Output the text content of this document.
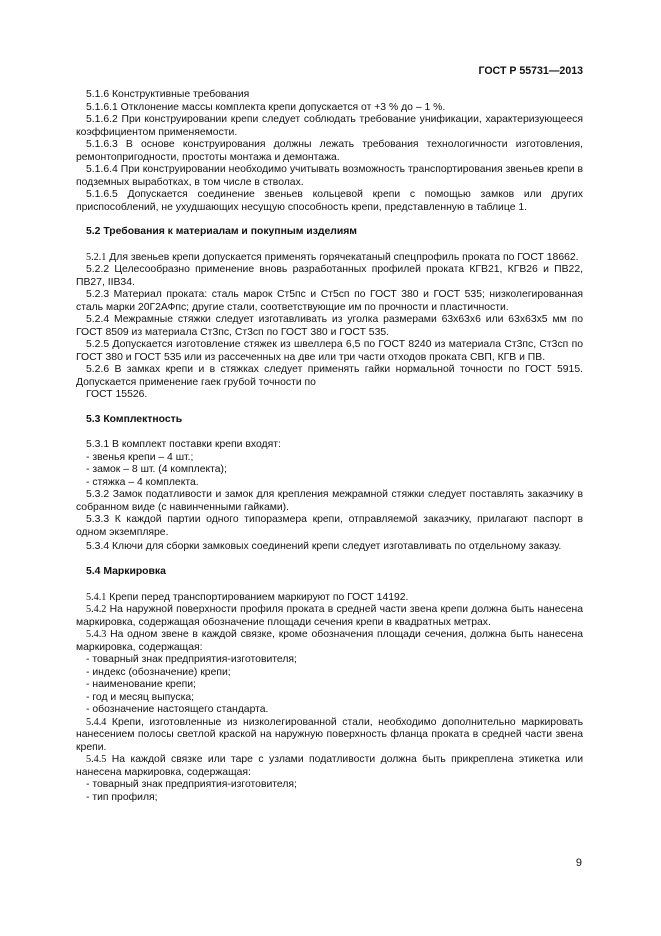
ГОСТ Р 55731—2013

5.1.6 Конструктивные требования

5.1.6.1 Отклонение массы комплекта крепи допускается от +3 % до – 1 %.

5.1.6.2 При конструировании крепи следует соблюдать требование унификации, характеризующееся коэффициентом применяемости.

5.1.6.3 В основе конструирования должны лежать требования технологичности изготовления, ремонтопригодности, простоты монтажа и демонтажа.

5.1.6.4 При конструировании необходимо учитывать возможность транспортирования звеньев крепи в подземных выработках, в том числе в стволах.

5.1.6.5 Допускается соединение звеньев кольцевой крепи с помощью замков или других приспособлений, не ухудшающих несущую способность крепи, представленную в таблице 1.

5.2 Требования к материалам и покупным изделиям

5.2.1 Для звеньев крепи допускается применять горячекатаный спецпрофиль проката по ГОСТ 18662.

5.2.2 Целесообразно применение вновь разработанных профилей проката КГВ21, КГВ26 и ПВ22, ПВ27, IIВ34.

5.2.3 Материал проката: сталь марок Ст5пс и Ст5сп по ГОСТ 380 и ГОСТ 535; низколегированная сталь марки 20Г2АФпс; другие стали, соответствующие им по прочности и пластичности.

5.2.4 Межрамные стяжки следует изготавливать из уголка размерами 63x63x6 или 63x63x5 мм по ГОСТ 8509 из материала Ст3пс, Ст3сп по ГОСТ 380 и ГОСТ 535.

5.2.5 Допускается изготовление стяжек из швеллера 6,5 по ГОСТ 8240 из материала Ст3пс, Ст3сп по ГОСТ 380 и ГОСТ 535 или из рассеченных на две или три части отходов проката СВП, КГВ и ПВ.

5.2.6 В замках крепи и в стяжках следует применять гайки нормальной точности по ГОСТ 5915. Допускается применение гаек грубой точности по

ГОСТ 15526.

5.3 Комплектность

5.3.1 В комплект поставки крепи входят:

- звенья крепи – 4 шт.;

- замок – 8 шт. (4 комплекта);

- стяжка – 4 комплекта.

5.3.2 Замок податливости и замок для крепления межрамной стяжки следует поставлять заказчику в собранном виде (с навинченными гайками).

5.3.3 К каждой партии одного типоразмера крепи, отправляемой заказчику, прилагают паспорт в одном экземпляре.

5.3.4 Ключи для сборки замковых соединений крепи следует изготавливать по отдельному заказу.

5.4 Маркировка

5.4.1 Крепи перед транспортированием маркируют по ГОСТ 14192.

5.4.2 На наружной поверхности профиля проката в средней части звена крепи должна быть нанесена маркировка, содержащая обозначение площади сечения крепи в квадратных метрах.

5.4.3 На одном звене в каждой связке, кроме обозначения площади сечения, должна быть нанесена маркировка, содержащая:

- товарный знак предприятия-изготовителя;

- индекс (обозначение) крепи;

- наименование крепи;

- год и месяц выпуска;

- обозначение настоящего стандарта.

5.4.4 Крепи, изготовленные из низколегированной стали, необходимо дополнительно маркировать нанесением полосы светлой краской на наружную поверхность фланца проката в средней части звена крепи.

5.4.5 На каждой связке или таре с узлами податливости должна быть прикреплена этикетка или нанесена маркировка, содержащая:

- товарный знак предприятия-изготовителя;

- тип профиля;

9
